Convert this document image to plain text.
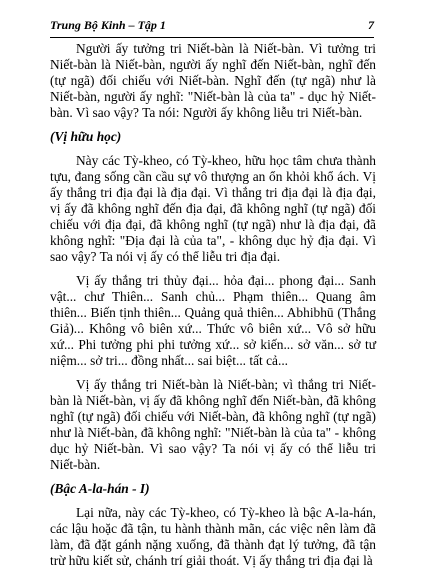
Trung Bộ Kinh – Tập 1	7

Người ấy tưởng tri Niết-bàn là Niết-bàn. Vì tưởng tri Niết-bàn là Niết-bàn, người ấy nghĩ đến Niết-bàn, nghĩ đến (tự ngã) đối chiếu với Niết-bàn. Nghĩ đến (tự ngã) như là Niết-bàn, người ấy nghĩ: "Niết-bàn là của ta" - dục hỷ Niết-bàn. Vì sao vậy? Ta nói: Người ấy không liễu tri Niết-bàn.

(Vị hữu học)

Này các Tỳ-kheo, có Tỳ-kheo, hữu học tâm chưa thành tựu, đang sống cần cầu sự vô thượng an ổn khỏi khổ ách. Vị ấy thắng tri địa đại là địa đại. Vì thắng tri địa đại là địa đại, vị ấy đã không nghĩ đến địa đại, đã không nghĩ (tự ngã) đối chiếu với địa đại, đã không nghĩ (tự ngã) như là địa đại, đã không nghĩ: "Địa đại là của ta", - không dục hỷ địa đại. Vì sao vậy? Ta nói vị ấy có thể liễu tri địa đại.

Vị ấy thắng tri thủy đại... hỏa đại... phong đại... Sanh vật... chư Thiên... Sanh chủ... Phạm thiên... Quang âm thiên... Biến tịnh thiên... Quảng quả thiên... Abhibhū (Thắng Giả)... Không vô biên xứ... Thức vô biên xứ... Vô sở hữu xứ... Phi tưởng phi phi tưởng xứ... sở kiến... sở văn... sở tư niệm... sở tri... đồng nhất... sai biệt... tất cả...

Vị ấy thắng tri Niết-bàn là Niết-bàn; vì thắng tri Niết-bàn là Niết-bàn, vị ấy đã không nghĩ đến Niết-bàn, đã không nghĩ (tự ngã) đối chiếu với Niết-bàn, đã không nghĩ (tự ngã) như là Niết-bàn, đã không nghĩ: "Niết-bàn là của ta" - không dục hỷ Niết-bàn. Vì sao vậy? Ta nói vị ấy có thể liễu tri Niết-bàn.

(Bậc A-la-hán - I)

Lại nữa, này các Tỳ-kheo, có Tỳ-kheo là bậc A-la-hán, các lậu hoặc đã tận, tu hành thành mãn, các việc nên làm đã làm, đã đặt gánh nặng xuống, đã thành đạt lý tưởng, đã tận trừ hữu kiết sử, chánh trí giải thoát. Vị ấy thắng tri địa đại là
